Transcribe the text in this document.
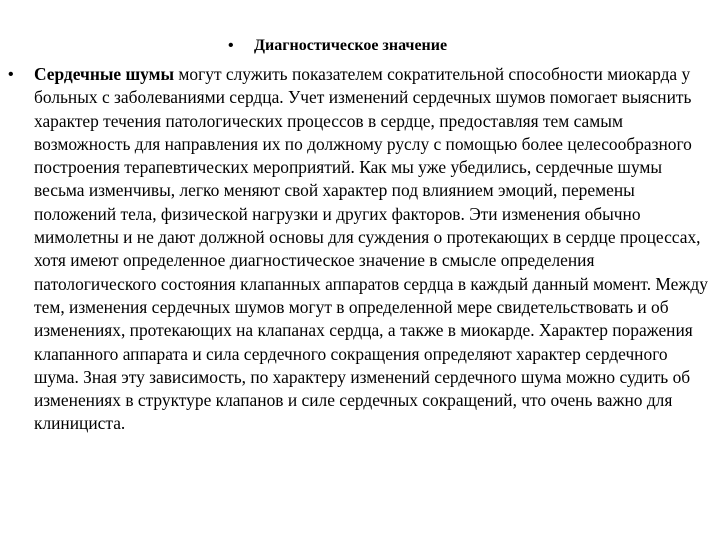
•	Диагностическое значение
•	Сердечные шумы могут служить показателем сократительной способности миокарда у больных с заболеваниями сердца. Учет изменений сердечных шумов помогает выяснить характер течения патологических процессов в сердце, предоставляя тем самым возможность для направления их по должному руслу с помощью более целесообразного построения терапевтических мероприятий. Как мы уже убедились, сердечные шумы весьма изменчивы, легко меняют свой характер под влиянием эмоций, перемены положений тела, физической нагрузки и других факторов. Эти изменения обычно мимолетны и не дают должной основы для суждения о протекающих в сердце процессах, хотя имеют определенное диагностическое значение в смысле определения патологического состояния клапанных аппаратов сердца в каждый данный момент. Между тем, изменения сердечных шумов могут в определенной мере свидетельствовать и об изменениях, протекающих на клапанах сердца, а также в миокарде. Характер поражения клапанного аппарата и сила сердечного сокращения определяют характер сердечного шума. Зная эту зависимость, по характеру изменений сердечного шума можно судить об изменениях в структуре клапанов и силе сердечных сокращений, что очень важно для клинициста.
